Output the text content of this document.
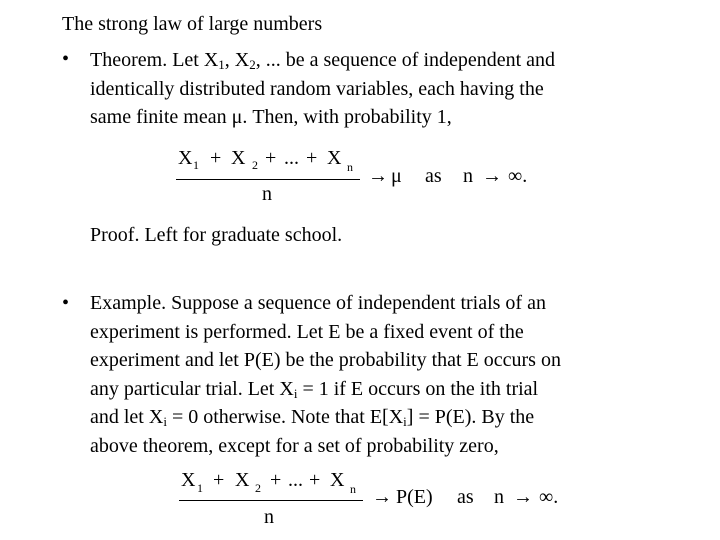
The strong law of large numbers
• Theorem. Let $X_1$, $X_2$, ... be a sequence of independent and
identically distributed random variables, each having the
same finite mean μ. Then, with probability 1,
X 1 + X 2 + ... + X n
n
→ μ as n → ∞.
Proof. Left for graduate school.
• Example. Suppose a sequence of independent trials of an
experiment is performed. Let E be a fixed event of the
experiment and let P(E) be the probability that E occurs on
any particular trial. Let $X_i = 1$ if E occurs on the ith trial
and let $X_i = 0$ otherwise. Note that $E[X_i] = P(E)$. By the
above theorem, except for a set of probability zero,
X 1 + X 2 + ... + X n
n
→ P(E) as n → ∞.
